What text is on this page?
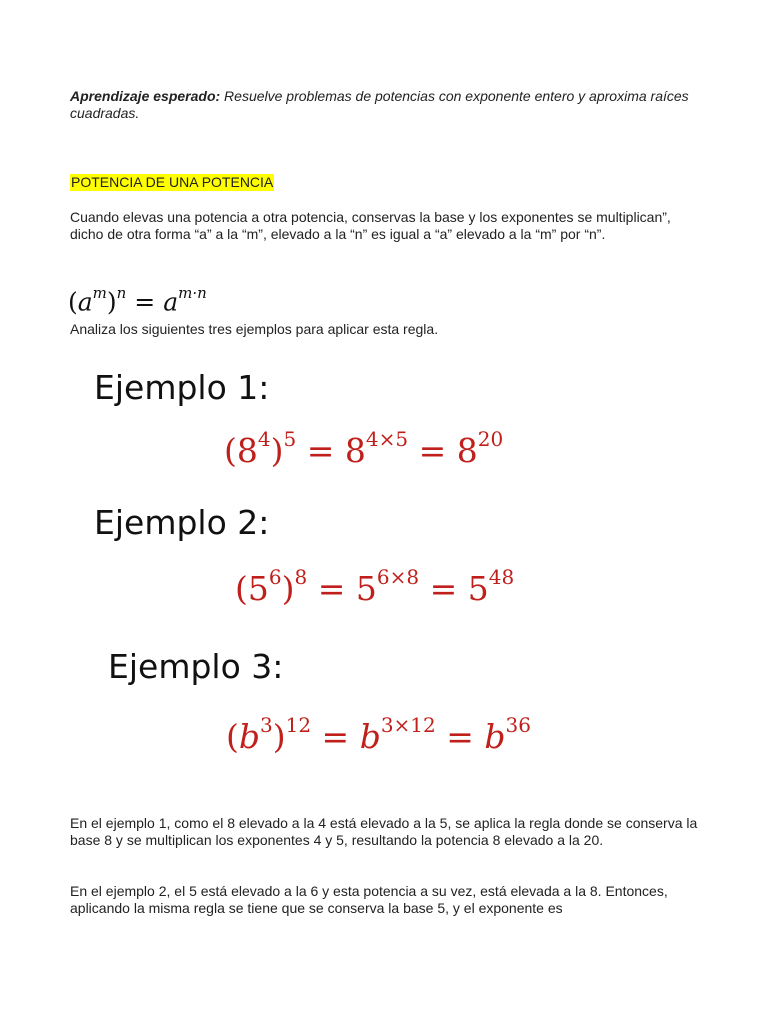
Aprendizaje esperado: Resuelve problemas de potencias con exponente entero y aproxima raíces cuadradas.
POTENCIA DE UNA POTENCIA
Cuando elevas una potencia a otra potencia, conservas la base y los exponentes se multiplican”, dicho de otra forma “a” a la “m”, elevado a la “n” es igual a “a” elevado a la “m” por “n”.
$(a^m)^n = a^{m\cdot n}$
Analiza los siguientes tres ejemplos para aplicar esta regla.
Ejemplo 1:
$(8^4)^5 = 8^{4\times 5} = 8^{20}$
Ejemplo 2:
$(5^6)^8 = 5^{6\times 8} = 5^{48}$
Ejemplo 3:
$(b^3)^{12} = b^{3\times 12} = b^{36}$
En el ejemplo 1, como el 8 elevado a la 4 está elevado a la 5, se aplica la regla donde se conserva la base 8 y se multiplican los exponentes 4 y 5, resultando la potencia 8 elevado a la 20.
En el ejemplo 2, el 5 está elevado a la 6 y esta potencia a su vez, está elevada a la 8. Entonces, aplicando la misma regla se tiene que se conserva la base 5, y el exponente es
